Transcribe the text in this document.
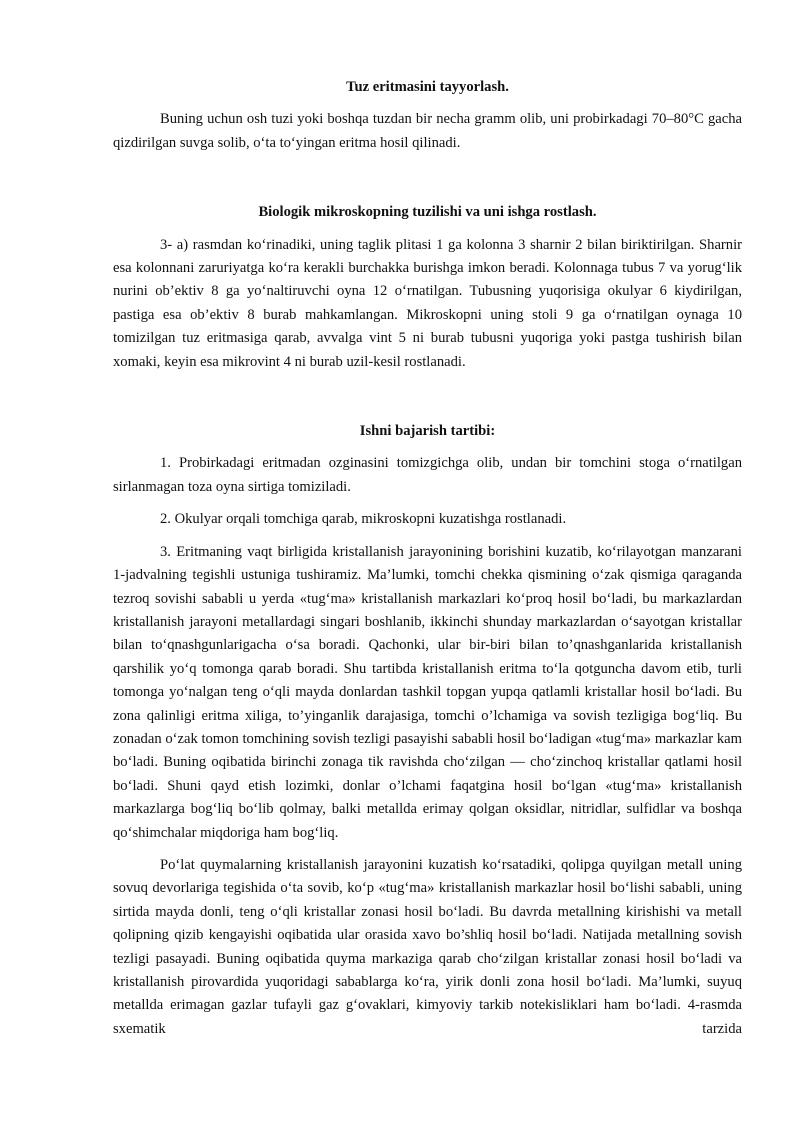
Tuz eritmasini tayyorlash.

Buning uchun osh tuzi yoki boshqa tuzdan bir necha gramm olib, uni probirkadagi 70–80°C gacha qizdirilgan suvga solib, o‘ta to‘yingan eritma hosil qilinadi.

Biologik mikroskopning tuzilishi va uni ishga rostlash.

3- a) rasmdan ko‘rinadiki, uning taglik plitasi 1 ga kolonna 3 sharnir 2 bilan biriktirilgan. Sharnir esa kolonnani zaruriyatga ko‘ra kerakli burchakka burishga imkon beradi. Kolonnaga tubus 7 va yorug‘lik nurini ob’ektiv 8 ga yo‘naltiruvchi oyna 12 o‘rnatilgan. Tubusning yuqorisiga okulyar 6 kiydirilgan, pastiga esa ob’ektiv 8 burab mahkamlangan. Mikroskopni uning stoli 9 ga o‘rnatilgan oynaga 10 tomizilgan tuz eritmasiga qarab, avvalga vint 5 ni burab tubusni yuqoriga yoki pastga tushirish bilan xomaki, keyin esa mikrovint 4 ni burab uzil-kesil rostlanadi.

Ishni bajarish tartibi:

1. Probirkadagi eritmadan ozginasini tomizgichga olib, undan bir tomchini stoga o‘rnatilgan sirlanmagan toza oyna sirtiga tomiziladi.

2. Okulyar orqali tomchiga qarab, mikroskopni kuzatishga rostlanadi.

3. Eritmaning vaqt birligida kristallanish jarayonining borishini kuzatib, ko‘rilayotgan manzarani 1-jadvalning tegishli ustuniga tushiramiz. Ma’lumki, tomchi chekka qismining o‘zak qismiga qaraganda tezroq sovishi sababli u yerda «tug‘ma» kristallanish markazlari ko‘proq hosil bo‘ladi, bu markazlardan kristallanish jarayoni metallardagi singari boshlanib, ikkinchi shunday markazlardan o‘sayotgan kristallar bilan to‘qnashgunlarigacha o‘sa boradi. Qachonki, ular bir-biri bilan to’qnashganlarida kristallanish qarshilik yo‘q tomonga qarab boradi. Shu tartibda kristallanish eritma to‘la qotguncha davom etib, turli tomonga yo‘nalgan teng o‘qli mayda donlardan tashkil topgan yupqa qatlamli kristallar hosil bo‘ladi. Bu zona qalinligi eritma xiliga, to’yinganlik darajasiga, tomchi o’lchamiga va sovish tezligiga bog‘liq. Bu zonadan o‘zak tomon tomchining sovish tezligi pasayishi sababli hosil bo‘ladigan «tug‘ma» markazlar kam bo‘ladi. Buning oqibatida birinchi zonaga tik ravishda cho‘zilgan — cho‘zinchoq kristallar qatlami hosil bo‘ladi. Shuni qayd etish lozimki, donlar o’lchami faqatgina hosil bo‘lgan «tug‘ma» kristallanish markazlarga bog‘liq bo‘lib qolmay, balki metallda erimay qolgan oksidlar, nitridlar, sulfidlar va boshqa qo‘shimchalar miqdoriga ham bog‘liq.

Po‘lat quymalarning kristallanish jarayonini kuzatish ko‘rsatadiki, qolipga quyilgan metall uning sovuq devorlariga tegishida o‘ta sovib, ko‘p «tug‘ma» kristallanish markazlar hosil bo‘lishi sababli, uning sirtida mayda donli, teng o‘qli kristallar zonasi hosil bo‘ladi. Bu davrda metallning kirishishi va metall qolipning qizib kengayishi oqibatida ular orasida xavo bo’shliq hosil bo‘ladi. Natijada metallning sovish tezligi pasayadi. Buning oqibatida quyma markaziga qarab cho‘zilgan kristallar zonasi hosil bo‘ladi va kristallanish pirovardida yuqoridagi sabablarga ko‘ra, yirik donli zona hosil bo‘ladi. Ma’lumki, suyuq metallda erimagan gazlar tufayli gaz g‘ovaklari, kimyoviy tarkib notekisliklari ham bo‘ladi. 4-rasmda sxematik tarzida
